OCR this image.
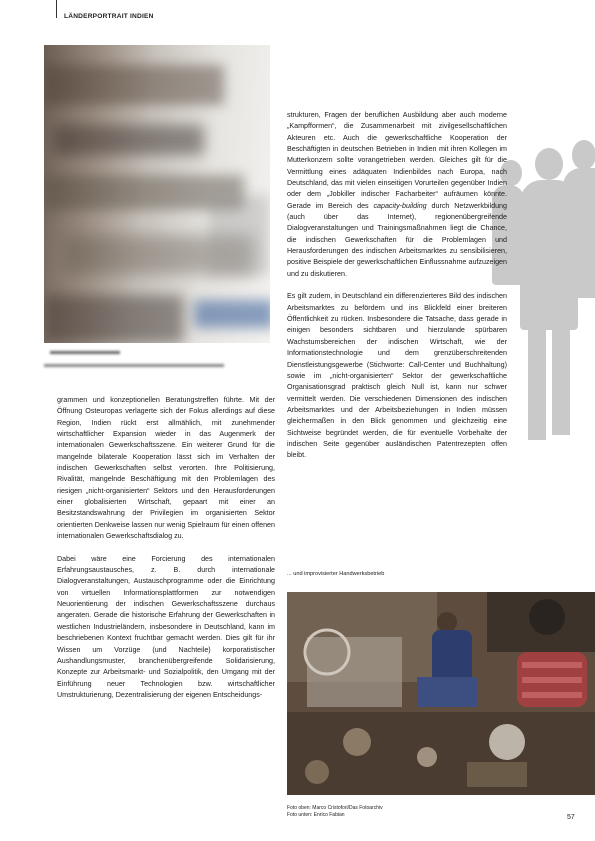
LÄNDERPORTRAIT INDIEN

grammen und konzeptionellen Beratungstreffen führte. Mit der Öffnung Osteuropas verlagerte sich der Fokus allerdings auf diese Region, Indien rückt erst allmählich, mit zunehmender wirtschaftlicher Expansion wieder in das Augenmerk der internationalen Gewerkschaftsszene. Ein weiterer Grund für die mangelnde bilaterale Kooperation lässt sich im Verhalten der indischen Gewerkschaften selbst verorten. Ihre Politisierung, Rivalität, mangelnde Beschäftigung mit den Problemlagen des riesigen „nicht-organisierten“ Sektors und den Herausforderungen einer globalisierten Wirtschaft, gepaart mit einer an Besitzstandswahrung der Privilegien im organisierten Sektor orientierten Denkweise lassen nur wenig Spielraum für einen offenen internationalen Gewerkschaftsdialog zu.

Dabei wäre eine Forcierung des internationalen Erfahrungsaustausches, z. B. durch internationale Dialogveranstaltungen, Austauschprogramme oder die Einrichtung von virtuellen Informationsplattformen zur notwendigen Neuorientierung der indischen Gewerkschaftsszene durchaus angeraten. Gerade die historische Erfahrung der Gewerkschaften in westlichen Industrieländern, insbesondere in Deutschland, kann im beschriebenen Kontext fruchtbar gemacht werden. Dies gilt für ihr Wissen um Vorzüge (und Nachteile) korporatistischer Aushandlungsmuster, branchenübergreifende Solidarisierung, Konzepte zur Arbeitsmarkt- und Sozialpolitik, den Umgang mit der Einführung neuer Technologien bzw. wirtschaftlicher Umstrukturierung, Dezentralisierung der eigenen Entscheidungs-

strukturen, Fragen der beruflichen Ausbildung aber auch moderne „Kampfformen“, die Zusammenarbeit mit zivilgesellschaftlichen Akteuren etc. Auch die gewerkschaftliche Kooperation der Beschäftigten in deutschen Betrieben in Indien mit ihren Kollegen im Mutterkonzern sollte vorangetrieben werden. Gleiches gilt für die Vermittlung eines adäquaten Indienbildes nach Europa, nach Deutschland, das mit vielen einseitigen Vorurteilen gegenüber Indien oder dem „Jobkiller indischer Facharbeiter“ aufräumen könnte. Gerade im Bereich des capacity-building durch Netzwerkbildung (auch über das Internet), regionenübergreifende Dialogveranstaltungen und Trainingsmaßnahmen liegt die Chance, die indischen Gewerkschaften für die Problemlagen und Herausforderungen des indischen Arbeitsmarktes zu sensibilisieren, positive Beispiele der gewerkschaftlichen Einflussnahme aufzuzeigen und zu diskutieren.

Es gilt zudem, in Deutschland ein differenzierteres Bild des indischen Arbeitsmarktes zu befördern und ins Blickfeld einer breiteren Öffentlichkeit zu rücken. Insbesondere die Tatsache, dass gerade in einigen besonders sichtbaren und hierzulande spürbaren Wachstumsbereichen der indischen Wirtschaft, wie der Informationstechnologie und dem grenzüberschreitenden Dienstleistungsgewerbe (Stichworte: Call-Center und Buchhaltung) sowie im „nicht-organisierten“ Sektor der gewerkschaftliche Organisationsgrad praktisch gleich Null ist, kann nur schwer vermittelt werden. Die verschiedenen Dimensionen des indischen Arbeitsmarktes und der Arbeitsbeziehungen in Indien müssen gleichermaßen in den Blick genommen und gleichzeitig eine Sichtweise begründet werden, die für eventuelle Vorbehalte der indischen Seite gegenüber ausländischen Patentrezepten offen bleibt.

... und improvisierter Handwerksbetrieb
Foto oben: Marco Cristofori/Das Fotoarchiv
Foto unten: Enrico Fabian	57
